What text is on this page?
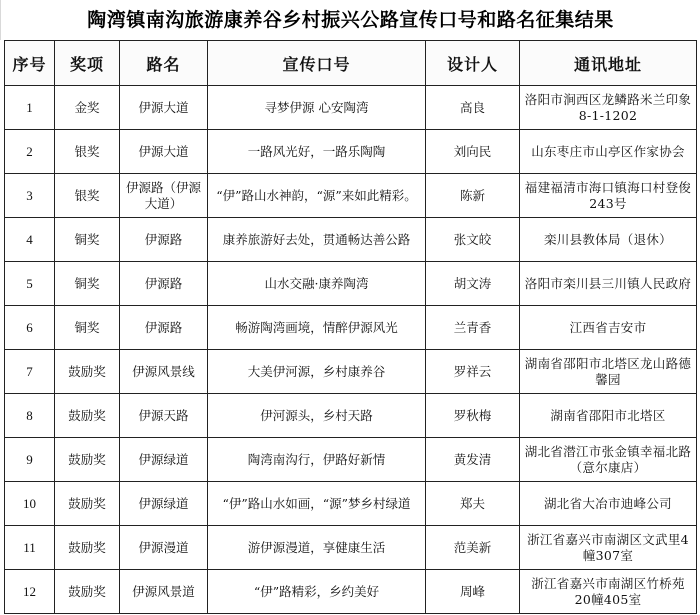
陶湾镇南沟旅游康养谷乡村振兴公路宣传口号和路名征集结果
序号	奖项	路名	宣传口号	设计人	通讯地址
1	金奖	伊源大道	寻梦伊源 心安陶湾	高良	洛阳市涧西区龙鳞路米兰印象8-1-1202
2	银奖	伊源大道	一路风光好，一路乐陶陶	刘向民	山东枣庄市山亭区作家协会
3	银奖	伊源路（伊源大道）	“伊”路山水神韵，“源”来如此精彩。	陈新	福建福清市海口镇海口村登俊243号
4	铜奖	伊源路	康养旅游好去处，贯通畅达善公路	张文皎	栾川县教体局（退休）
5	铜奖	伊源路	山水交融·康养陶湾	胡文涛	洛阳市栾川县三川镇人民政府
6	铜奖	伊源路	畅游陶湾画境，情醉伊源风光	兰青香	江西省吉安市
7	鼓励奖	伊源风景线	大美伊河源，乡村康养谷	罗祥云	湖南省邵阳市北塔区龙山路德馨园
8	鼓励奖	伊源天路	伊河源头，乡村天路	罗秋梅	湖南省邵阳市北塔区
9	鼓励奖	伊源绿道	陶湾南沟行，伊路好新情	黄发清	湖北省潜江市张金镇幸福北路（意尔康店）
10	鼓励奖	伊源绿道	“伊”路山水如画，“源”梦乡村绿道	郑夫	湖北省大冶市迪峰公司
11	鼓励奖	伊源漫道	游伊源漫道，享健康生活	范美新	浙江省嘉兴市南湖区文武里4幢307室
12	鼓励奖	伊源风景道	“伊”路精彩，乡约美好	周峰	浙江省嘉兴市南湖区竹桥苑20幢405室
